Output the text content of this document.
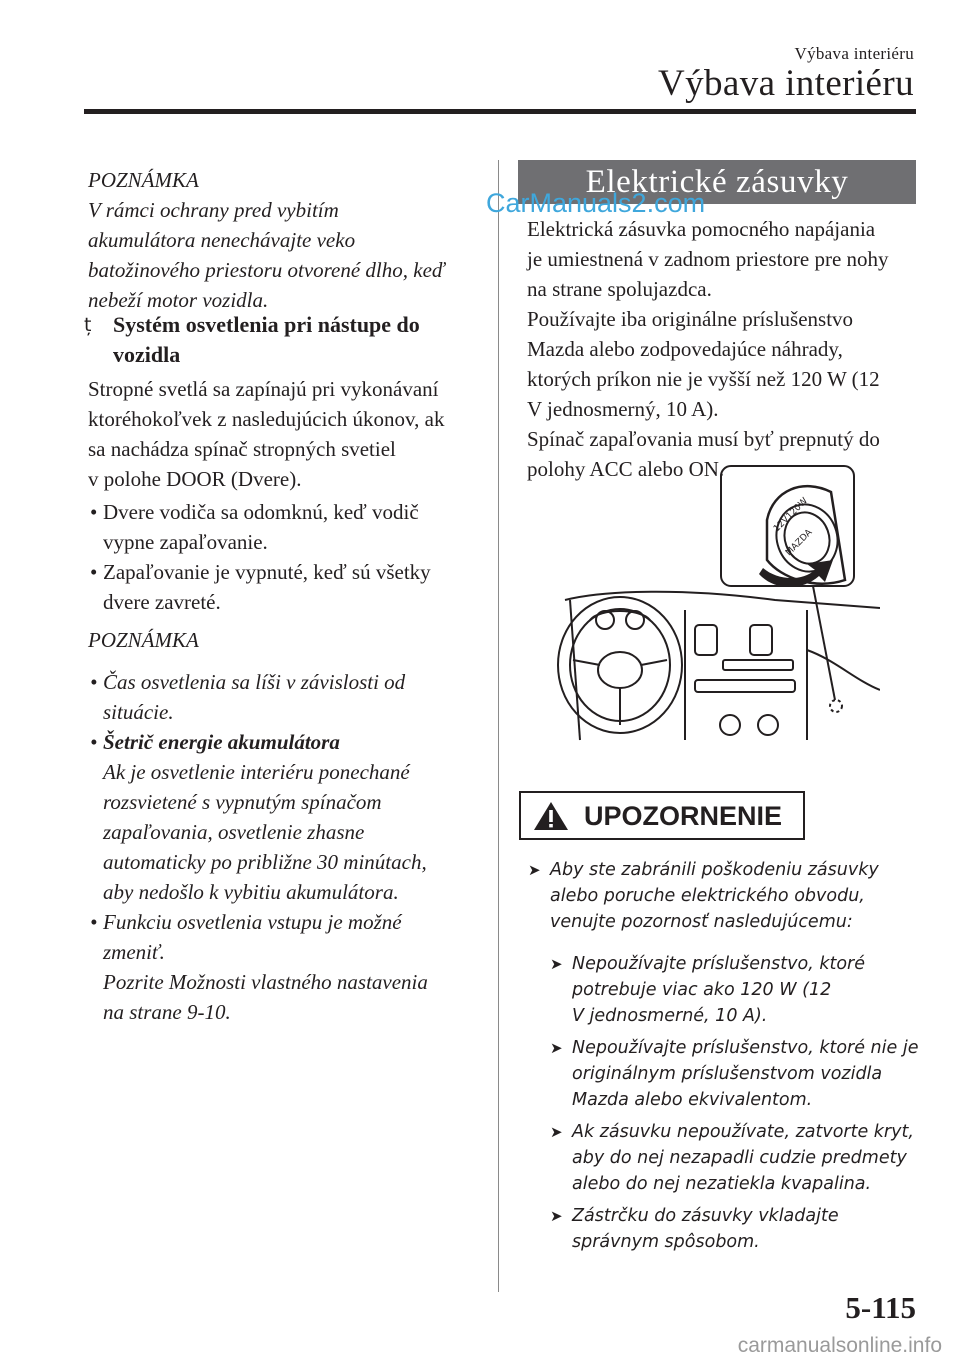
Výbava interiéru
Výbava interiéru
POZNÁMKA
V rámci ochrany pred vybitím
akumulátora nenechávajte veko
batožinového priestoru otvorené dlho, keď
nebeží motor vozidla.
ț Systém osvetlenia pri nástupe do
vozidla
Stropné svetlá sa zapínajú pri vykonávaní
ktoréhokoľvek z nasledujúcich úkonov, ak
sa nachádza spínač stropných svetiel
v polohe DOOR (Dvere).
• Dvere vodiča sa odomknú, keď vodič
vypne zapaľovanie.
• Zapaľovanie je vypnuté, keď sú všetky
dvere zavreté.
POZNÁMKA
• Čas osvetlenia sa líši v závislosti od
situácie.
• Šetrič energie akumulátora
Ak je osvetlenie interiéru ponechané
rozsvietené s vypnutým spínačom
zapaľovania, osvetlenie zhasne
automaticky po približne 30 minútach,
aby nedošlo k vybitiu akumulátora.
• Funkciu osvetlenia vstupu je možné
zmeniť.
Pozrite Možnosti vlastného nastavenia
na strane 9-10.
Elektrické zásuvky
CarManuals2.com
Elektrická zásuvka pomocného napájania
je umiestnená v zadnom priestore pre nohy
na strane spolujazdca.
Používajte iba originálne príslušenstvo
Mazda alebo zodpovedajúce náhrady,
ktorých príkon nie je vyšší než 120 W (12
V jednosmerný, 10 A).
Spínač zapaľovania musí byť prepnutý do
polohy ACC alebo ON.
12V120W
MAZDA
UPOZORNENIE
➤ Aby ste zabránili poškodeniu zásuvky
alebo poruche elektrického obvodu,
venujte pozornosť nasledujúcemu:
➤ Nepoužívajte príslušenstvo, ktoré
potrebuje viac ako 120 W (12
V jednosmerné, 10 A).
➤ Nepoužívajte príslušenstvo, ktoré nie je
originálnym príslušenstvom vozidla
Mazda alebo ekvivalentom.
➤ Ak zásuvku nepoužívate, zatvorte kryt,
aby do nej nezapadli cudzie predmety
alebo do nej nezatiekla kvapalina.
➤ Zástrčku do zásuvky vkladajte
správnym spôsobom.
5-115
carmanualsonline.info
